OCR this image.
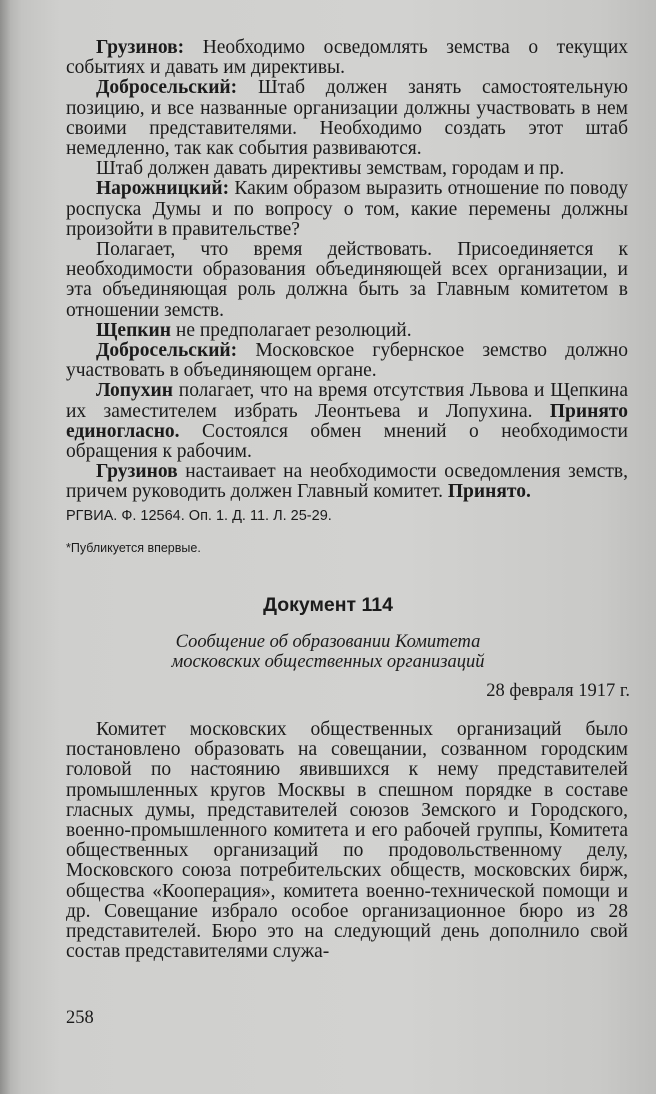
Грузинов: Необходимо осведомлять земства о текущих событиях и давать им директивы.

Добросельский: Штаб должен занять самостоятельную позицию, и все названные организации должны участвовать в нем своими представителями. Необходимо создать этот штаб немедленно, так как события развиваются.

Штаб должен давать директивы земствам, городам и пр.

Нарожницкий: Каким образом выразить отношение по поводу роспуска Думы и по вопросу о том, какие перемены должны произойти в правительстве?

Полагает, что время действовать. Присоединяется к необходимости образования объединяющей всех организации, и эта объединяющая роль должна быть за Главным комитетом в отношении земств.

Щепкин не предполагает резолюций.

Добросельский: Московское губернское земство должно участвовать в объединяющем органе.

Лопухин полагает, что на время отсутствия Львова и Щепкина их заместителем избрать Леонтьева и Лопухина. Принято единогласно. Состоялся обмен мнений о необходимости обращения к рабочим.

Грузинов настаивает на необходимости осведомления земств, причем руководить должен Главный комитет. Принято.

РГВИА. Ф. 12564. Оп. 1. Д. 11. Л. 25-29.
*Публикуется впервые.
Документ 114
Сообщение об образовании Комитета
московских общественных организаций
28 февраля 1917 г.

Комитет московских общественных организаций было постановлено образовать на совещании, созванном городским головой по настоянию явившихся к нему представителей промышленных кругов Москвы в спешном порядке в составе гласных думы, представителей союзов Земского и Городского, военно-промышленного комитета и его рабочей группы, Комитета общественных организаций по продовольственному делу, Московского союза потребительских обществ, московских бирж, общества «Кооперация», комитета военно-технической помощи и др. Совещание избрало особое организационное бюро из 28 представителей. Бюро это на следующий день дополнило свой состав представителями служа-

258
